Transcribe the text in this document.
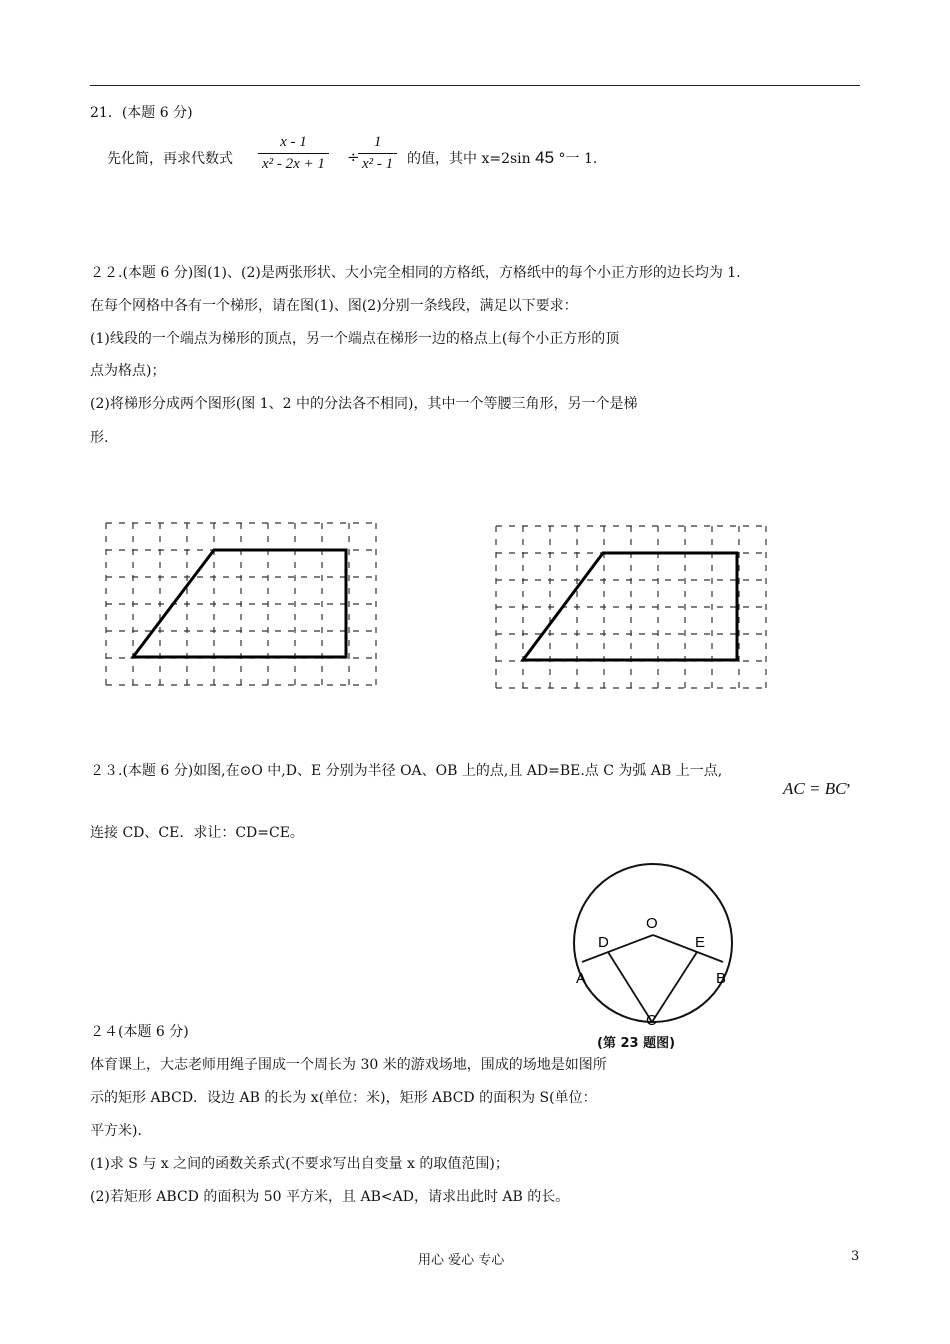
21．(本题 6 分)
先化简，再求代数式
x - 1
x² - 2x + 1 ÷
1
x² - 1 的值，其中 x=2sin 45 °一 1.
２２.(本题 6 分)图(1)、(2)是两张形状、大小完全相同的方格纸，方格纸中的每个小正方形的边长均为 1．
在每个网格中各有一个梯形，请在图(1)、图(2)分别一条线段，满足以下要求：
(1)线段的一个端点为梯形的顶点，另一个端点在梯形一边的格点上(每个小正方形的顶
点为格点)；
(2)将梯形分成两个图形(图 1、2 中的分法各不相同)，其中一个等腰三角形，另一个是梯
形.
２３.(本题 6 分)如图,在⊙O 中,D、E 分别为半径 OA、OB 上的点,且 AD=BE.点 C 为弧 AB 上一点,
AC = BC,
连接 CD、CE．求让：CD=CE。
O
D	E
A	B
C
(第 23 题图)
２４(本题 6 分)
体育课上，大志老师用绳子围成一个周长为 30 米的游戏场地，围成的场地是如图所
示的矩形 ABCD．设边 AB 的长为 x(单位：米)，矩形 ABCD 的面积为 S(单位：
平方米)．
(1)求 S 与 x 之间的函数关系式(不要求写出自变量 x 的取值范围)；
(2)若矩形 ABCD 的面积为 50 平方米，且 AB<AD，请求出此时 AB 的长。
用心 爱心 专心	3
